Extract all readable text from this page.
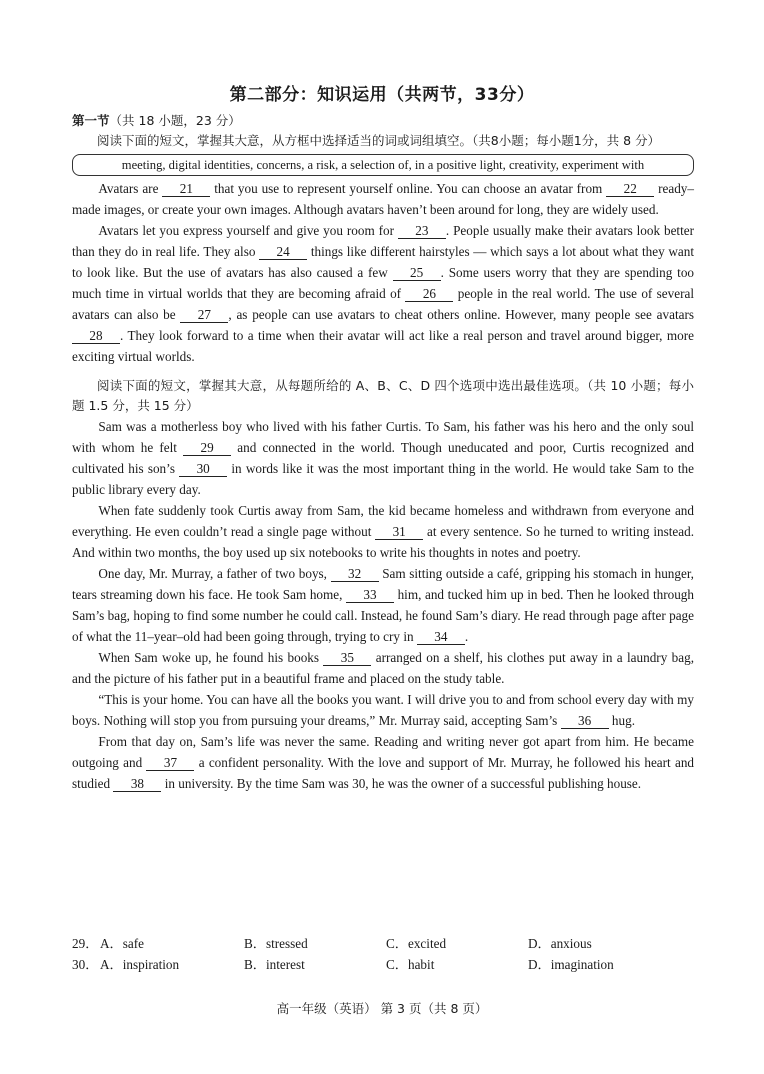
第二部分：知识运用（共两节，33分）
第一节（共 18 小题，23 分）

阅读下面的短文，掌握其大意，从方框中选择适当的词或词组填空。（共8小题；每小题1分，共 8 分）

meeting, digital identities, concerns, a risk, a selection of, in a positive light, creativity, experiment with

Avatars are 21 that you use to represent yourself online. You can choose an avatar from 22 ready–made images, or create your own images. Although avatars haven’t been around for long, they are widely used.

Avatars let you express yourself and give you room for 23 . People usually make their avatars look better than they do in real life. They also 24 things like different hairstyles — which says a lot about what they want to look like. But the use of avatars has also caused a few 25 . Some users worry that they are spending too much time in virtual worlds that they are becoming afraid of 26 people in the real world. The use of several avatars can also be 27 , as people can use avatars to cheat others online. However, many people see avatars 28 . They look forward to a time when their avatar will act like a real person and travel around bigger, more exciting virtual worlds.

阅读下面的短文，掌握其大意，从每题所给的 A、B、C、D 四个选项中选出最佳选项。（共 10 小题；每小题 1.5 分，共 15 分）

Sam was a motherless boy who lived with his father Curtis. To Sam, his father was his hero and the only soul with whom he felt 29 and connected in the world. Though uneducated and poor, Curtis recognized and cultivated his son’s 30 in words like it was the most important thing in the world. He would take Sam to the public library every day.

When fate suddenly took Curtis away from Sam, the kid became homeless and withdrawn from everyone and everything. He even couldn’t read a single page without 31 at every sentence. So he turned to writing instead. And within two months, the boy used up six notebooks to write his thoughts in notes and poetry.

One day, Mr. Murray, a father of two boys, 32 Sam sitting outside a café, gripping his stomach in hunger, tears streaming down his face. He took Sam home, 33 him, and tucked him up in bed. Then he looked through Sam’s bag, hoping to find some number he could call. Instead, he found Sam’s diary. He read through page after page of what the 11–year–old had been going through, trying to cry in 34 .

When Sam woke up, he found his books 35 arranged on a shelf, his clothes put away in a laundry bag, and the picture of his father put in a beautiful frame and placed on the study table.

“This is your home. You can have all the books you want. I will drive you to and from school every day with my boys. Nothing will stop you from pursuing your dreams,” Mr. Murray said, accepting Sam’s 36 hug.

From that day on, Sam’s life was never the same. Reading and writing never got apart from him. He became outgoing and 37 a confident personality. With the love and support of Mr. Murray, he followed his heart and studied 38 in university. By the time Sam was 30, he was the owner of a successful publishing house.

29． A．safe	B．stressed	C．excited	D．anxious
30． A．inspiration	B．interest	C．habit	D．imagination
高一年级（英语） 第 3 页（共 8 页）
